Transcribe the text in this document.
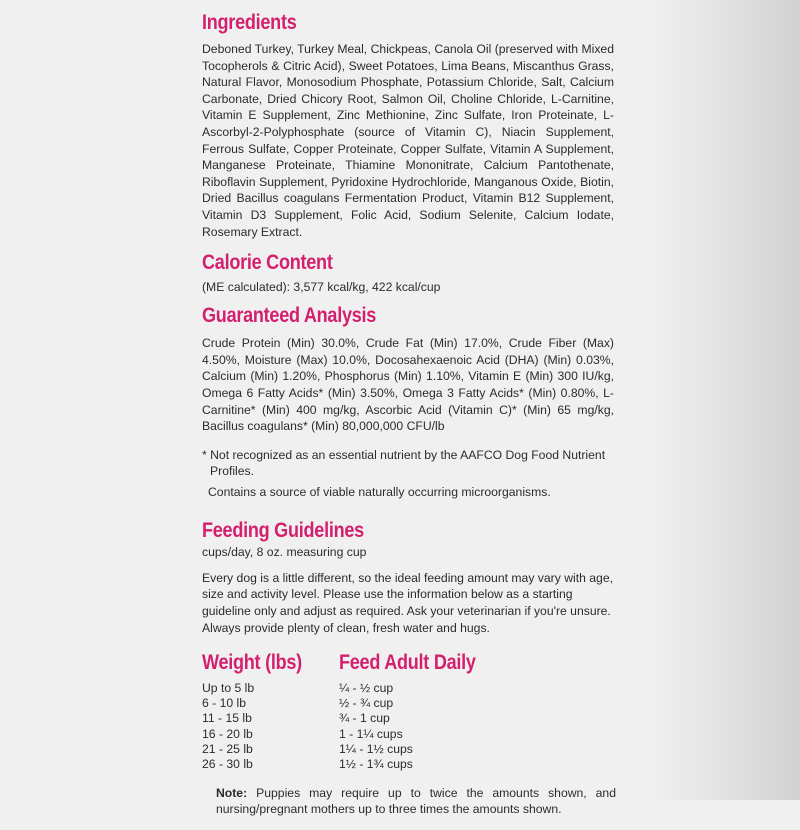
Ingredients

Deboned Turkey, Turkey Meal, Chickpeas, Canola Oil (preserved with Mixed Tocopherols & Citric Acid), Sweet Potatoes, Lima Beans, Miscanthus Grass, Natural Flavor, Monosodium Phosphate, Potassium Chloride, Salt, Calcium Carbonate, Dried Chicory Root, Salmon Oil, Choline Chloride, L-Carnitine, Vitamin E Supplement, Zinc Methionine, Zinc Sulfate, Iron Proteinate, L-Ascorbyl-2-Polyphosphate (source of Vitamin C), Niacin Supplement, Ferrous Sulfate, Copper Proteinate, Copper Sulfate, Vitamin A Supplement, Manganese Proteinate, Thiamine Mononitrate, Calcium Pantothenate, Riboflavin Supplement, Pyridoxine Hydrochloride, Manganous Oxide, Biotin, Dried Bacillus coagulans Fermentation Product, Vitamin B12 Supplement, Vitamin D3 Supplement, Folic Acid, Sodium Selenite, Calcium Iodate, Rosemary Extract.

Calorie Content

(ME calculated): 3,577 kcal/kg, 422 kcal/cup

Guaranteed Analysis

Crude Protein (Min) 30.0%, Crude Fat (Min) 17.0%, Crude Fiber (Max) 4.50%, Moisture (Max) 10.0%, Docosahexaenoic Acid (DHA) (Min) 0.03%, Calcium (Min) 1.20%, Phosphorus (Min) 1.10%, Vitamin E (Min) 300 IU/kg, Omega 6 Fatty Acids* (Min) 3.50%, Omega 3 Fatty Acids* (Min) 0.80%, L-Carnitine* (Min) 400 mg/kg, Ascorbic Acid (Vitamin C)* (Min) 65 mg/kg, Bacillus coagulans* (Min) 80,000,000 CFU/lb

* Not recognized as an essential nutrient by the AAFCO Dog Food Nutrient Profiles.

Contains a source of viable naturally occurring microorganisms.

Feeding Guidelines

cups/day, 8 oz. measuring cup

Every dog is a little different, so the ideal feeding amount may vary with age, size and activity level. Please use the information below as a starting guideline only and adjust as required. Ask your veterinarian if you're unsure. Always provide plenty of clean, fresh water and hugs.

Weight (lbs)	Feed Adult Daily
Up to 5 lb	¼ - ½ cup
6 - 10 lb	½ - ¾ cup
11 - 15 lb	¾ - 1 cup
16 - 20 lb	1 - 1¼ cups
21 - 25 lb	1¼ - 1½ cups
26 - 30 lb	1½ - 1¾ cups

Note: Puppies may require up to twice the amounts shown, and nursing/pregnant mothers up to three times the amounts shown.
